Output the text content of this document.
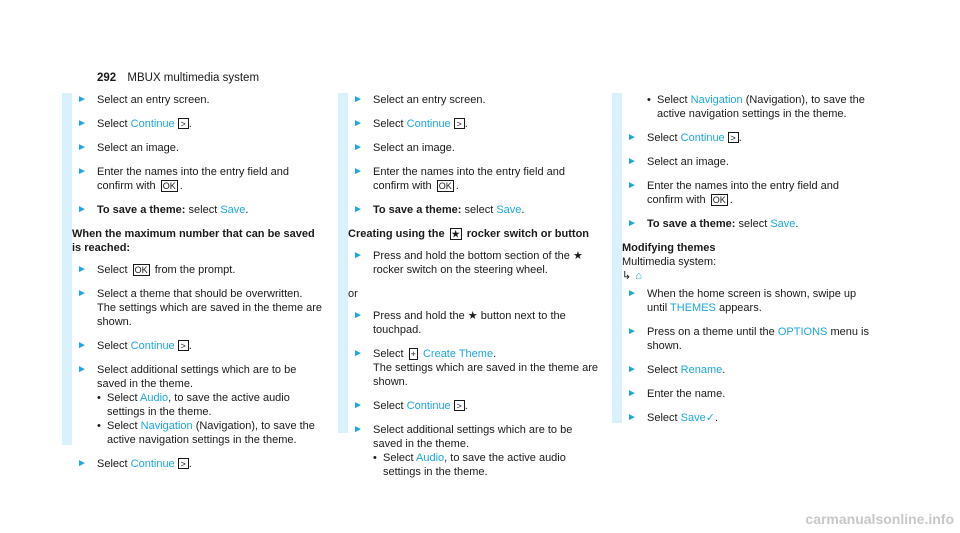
292 MBUX multimedia system
► Select an entry screen.
► Select Continue > .
► Select an image.
► Enter the names into the entry field and confirm with OK .
► To save a theme: select Save.
When the maximum number that can be saved is reached:
► Select OK from the prompt.
► Select a theme that should be overwritten. The settings which are saved in the theme are shown.
► Select Continue > .
► Select additional settings which are to be saved in the theme.
• Select Audio, to save the active audio settings in the theme.
• Select Navigation (Navigation), to save the active navigation settings in the theme.
► Select Continue > .
► Select an entry screen.
► Select Continue > .
► Select an image.
► Enter the names into the entry field and confirm with OK .
► To save a theme: select Save.
Creating using the ★ rocker switch or button
► Press and hold the bottom section of the ★ rocker switch on the steering wheel.
or
► Press and hold the ★ button next to the touchpad.
► Select + Create Theme.
The settings which are saved in the theme are shown.
► Select Continue > .
► Select additional settings which are to be saved in the theme.
• Select Audio, to save the active audio settings in the theme.
• Select Navigation (Navigation), to save the active navigation settings in the theme.
► Select Continue > .
► Select an image.
► Enter the names into the entry field and confirm with OK .
► To save a theme: select Save.
Modifying themes
Multimedia system:
↳ ⌂
► When the home screen is shown, swipe up until THEMES appears.
► Press on a theme until the OPTIONS menu is shown.
► Select Rename.
► Enter the name.
► Select Save✓.
carmanualsonline.info
